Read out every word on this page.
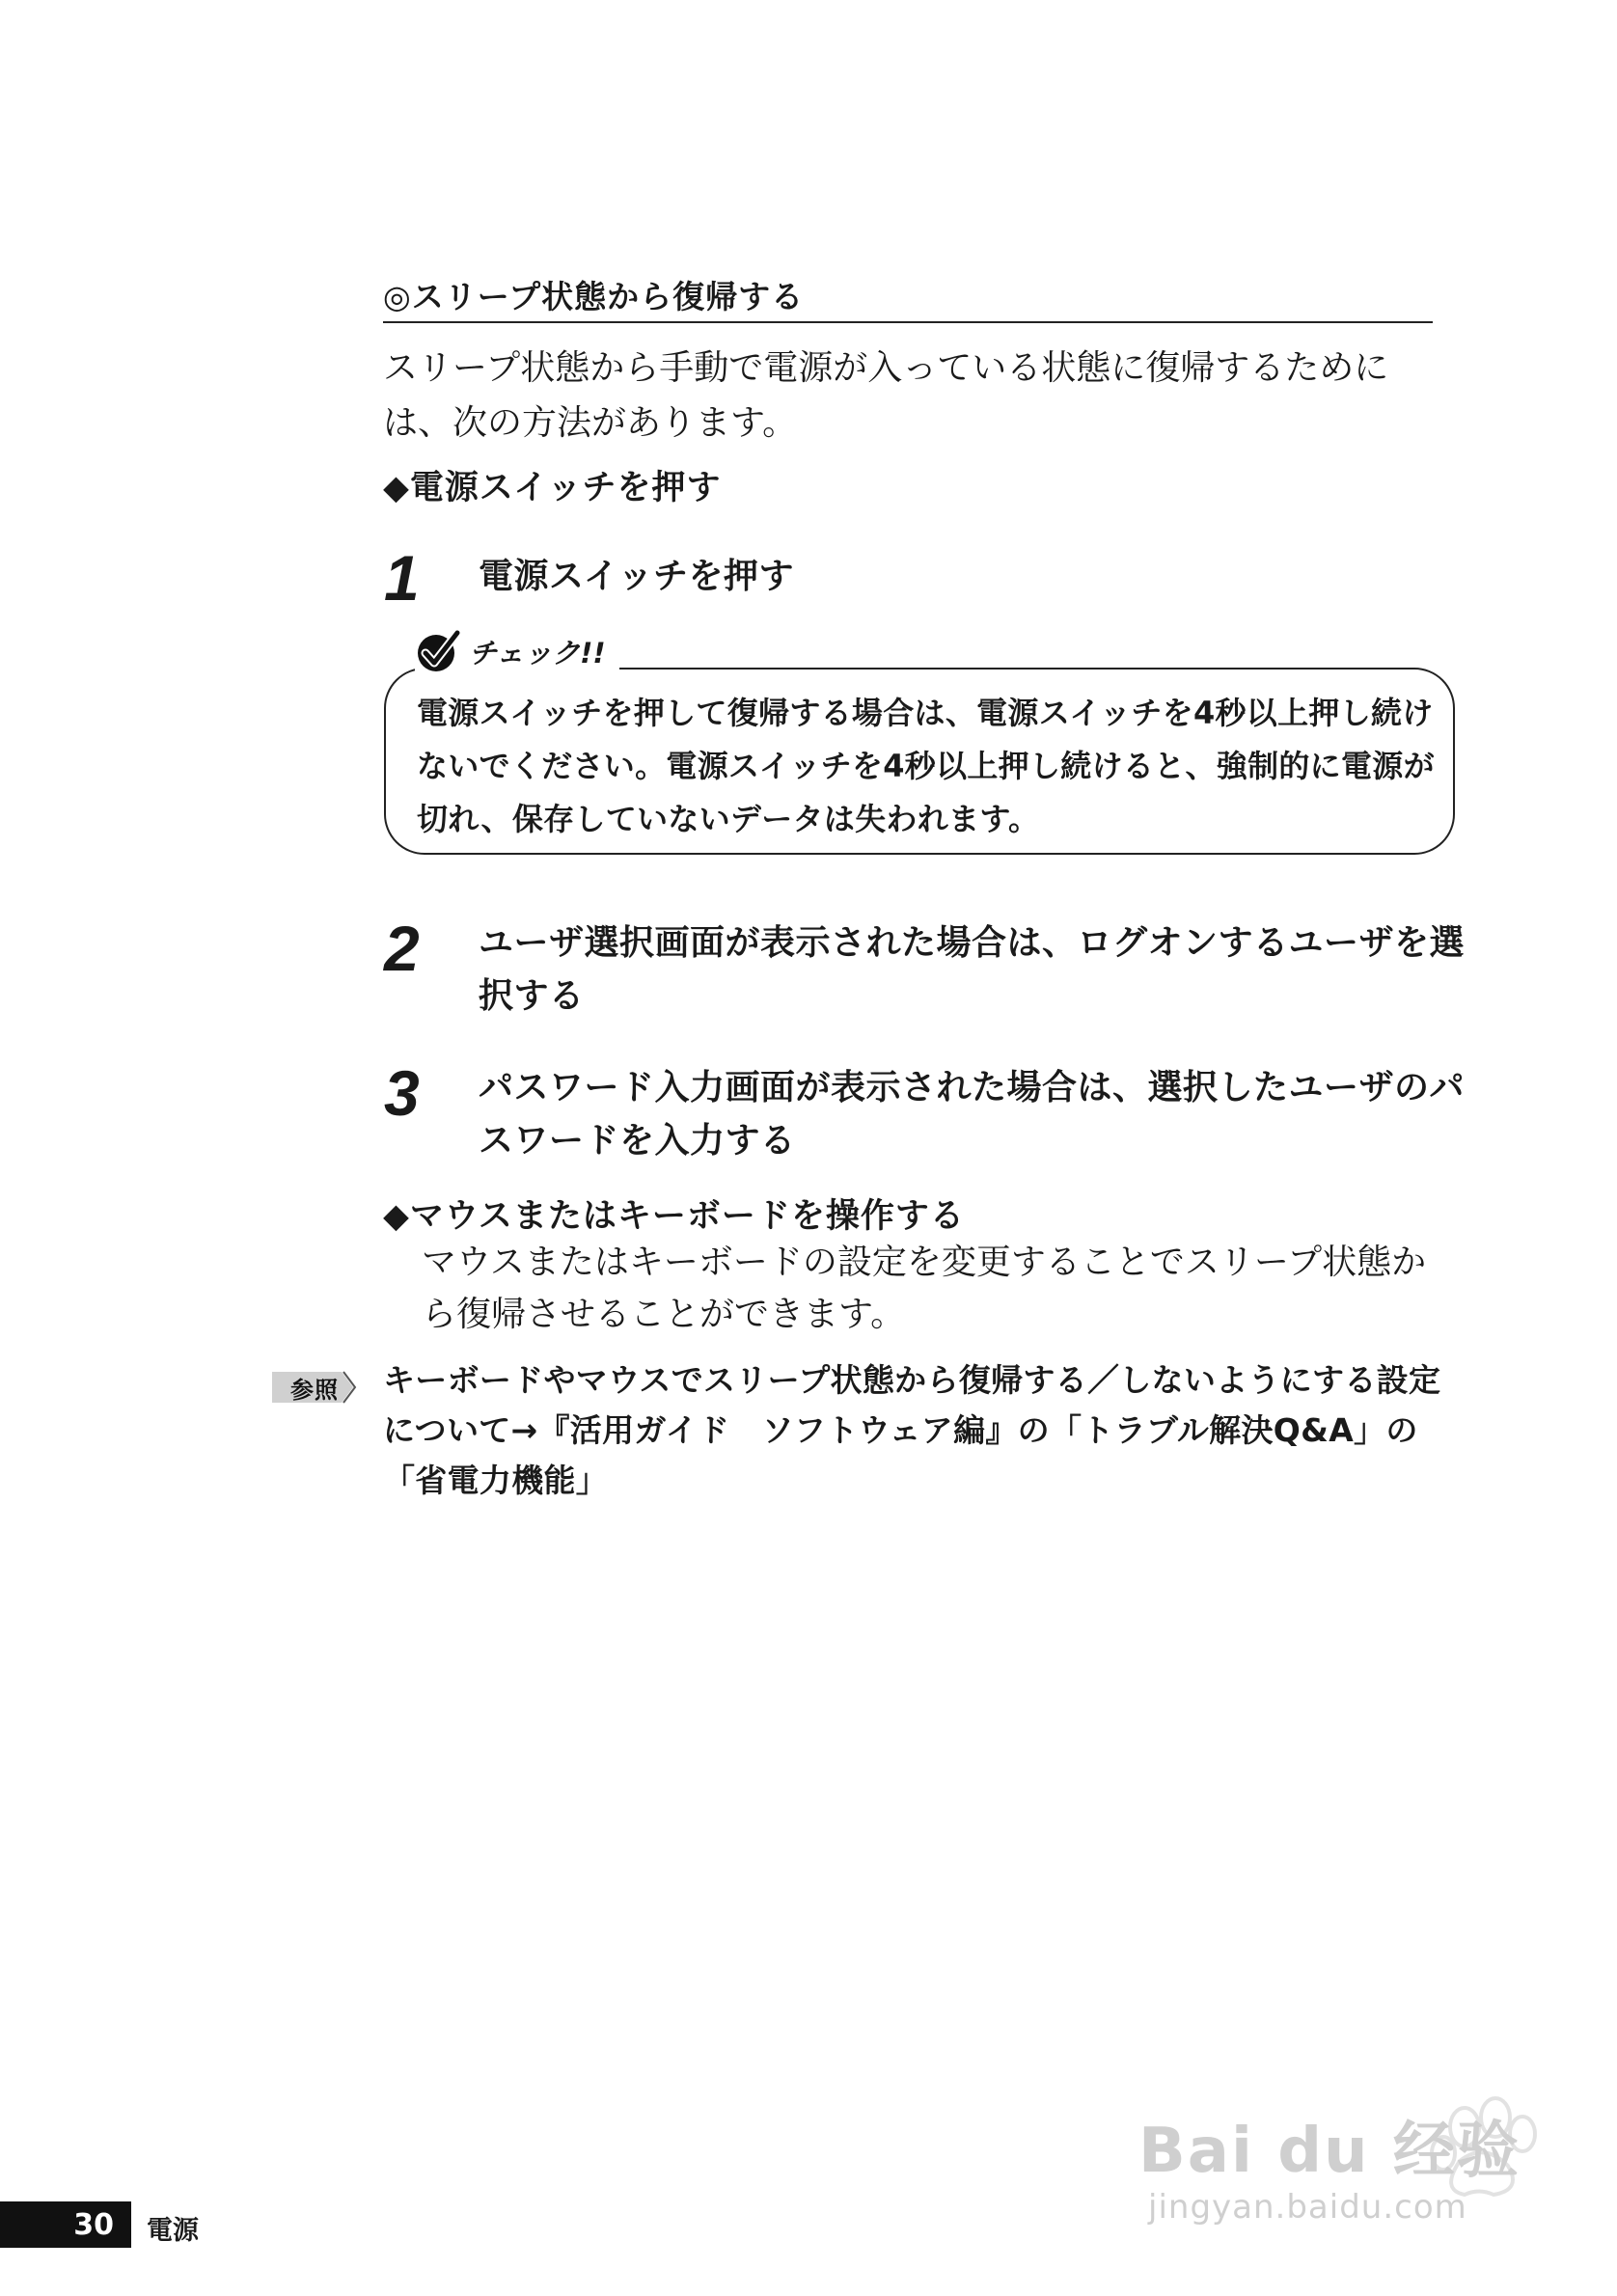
◎スリープ状態から復帰する
スリープ状態から手動で電源が入っている状態に復帰するためには、次の方法があります。
◆電源スイッチを押す
1 電源スイッチを押す
チェック!!
電源スイッチを押して復帰する場合は、電源スイッチを4秒以上押し続けないでください。電源スイッチを4秒以上押し続けると、強制的に電源が切れ、保存していないデータは失われます。
2 ユーザ選択画面が表示された場合は、ログオンするユーザを選択する
3 パスワード入力画面が表示された場合は、選択したユーザのパスワードを入力する
◆マウスまたはキーボードを操作する
マウスまたはキーボードの設定を変更することでスリープ状態から復帰させることができます。
参照 キーボードやマウスでスリープ状態から復帰する／しないようにする設定について→『活用ガイド　ソフトウェア編』の「トラブル解決Q&A」の「省電力機能」
30	電源
Bai du 经验
jingyan.baidu.com
